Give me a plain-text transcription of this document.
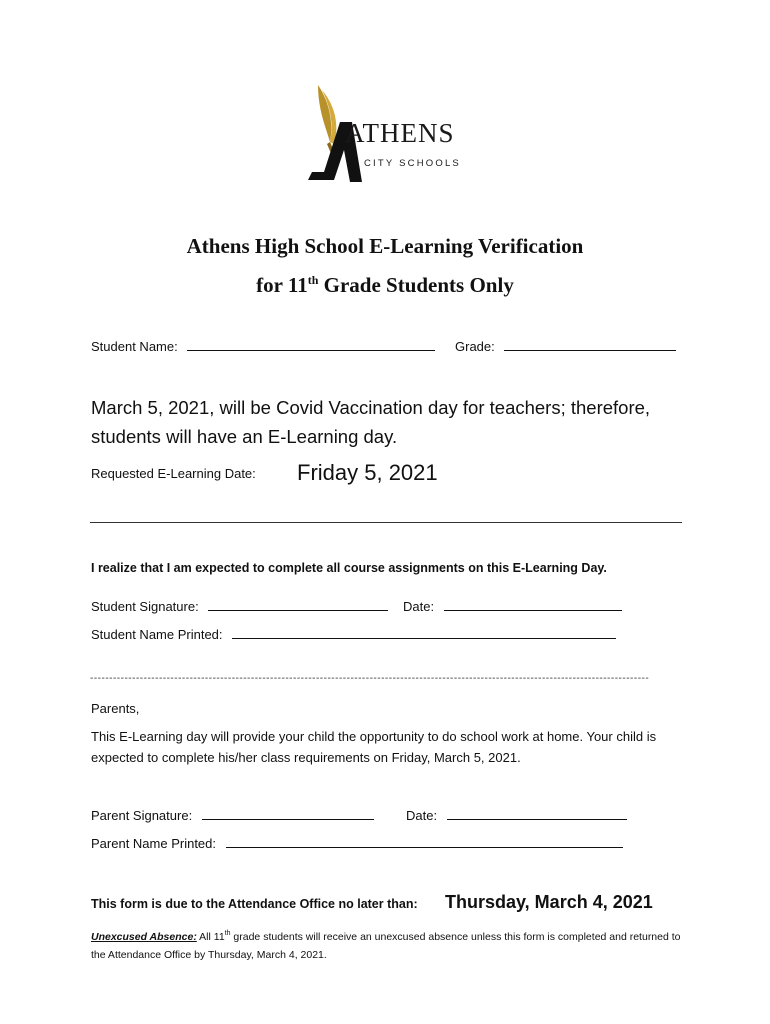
ATHENS
CITY SCHOOLS
Athens High School E-Learning Verification
for 11th Grade Students Only
Student Name:	Grade:
March 5, 2021, will be Covid Vaccination day for teachers; therefore, students will have an E-Learning day.
Requested E-Learning Date: Friday 5, 2021
I realize that I am expected to complete all course assignments on this E-Learning Day.
Student Signature:	Date:
Student Name Printed:
--------------------------------------------------------------------------------------------------------------------------------------------------
Parents,
This E-Learning day will provide your child the opportunity to do school work at home. Your child is expected to complete his/her class requirements on Friday, March 5, 2021.
Parent Signature:	Date:
Parent Name Printed:
This form is due to the Attendance Office no later than: Thursday, March 4, 2021
Unexcused Absence: All 11th grade students will receive an unexcused absence unless this form is completed and returned to the Attendance Office by Thursday, March 4, 2021.
